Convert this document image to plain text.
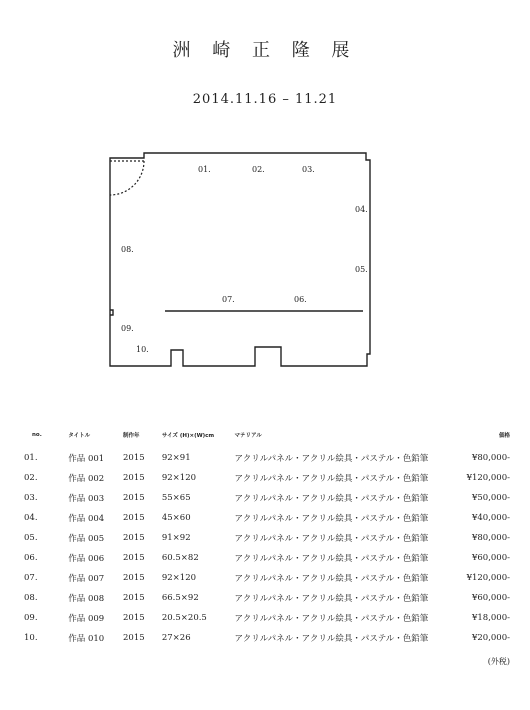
洲 崎 正 隆 展
2014.11.16 – 11.21
01.	02.	03.
04.
05.
06.
07.
08.
09.
10.
no.	タイトル	制作年	サイズ (H)×(W)cm	マテリアル	価格
01.	作品 001	2015	92×91	アクリルパネル・アクリル絵具・パステル・色鉛筆	¥80,000-
02.	作品 002	2015	92×120	アクリルパネル・アクリル絵具・パステル・色鉛筆	¥120,000-
03.	作品 003	2015	55×65	アクリルパネル・アクリル絵具・パステル・色鉛筆	¥50,000-
04.	作品 004	2015	45×60	アクリルパネル・アクリル絵具・パステル・色鉛筆	¥40,000-
05.	作品 005	2015	91×92	アクリルパネル・アクリル絵具・パステル・色鉛筆	¥80,000-
06.	作品 006	2015	60.5×82	アクリルパネル・アクリル絵具・パステル・色鉛筆	¥60,000-
07.	作品 007	2015	92×120	アクリルパネル・アクリル絵具・パステル・色鉛筆	¥120,000-
08.	作品 008	2015	66.5×92	アクリルパネル・アクリル絵具・パステル・色鉛筆	¥60,000-
09.	作品 009	2015	20.5×20.5	アクリルパネル・アクリル絵具・パステル・色鉛筆	¥18,000-
10.	作品 010	2015	27×26	アクリルパネル・アクリル絵具・パステル・色鉛筆	¥20,000-
(外税)
